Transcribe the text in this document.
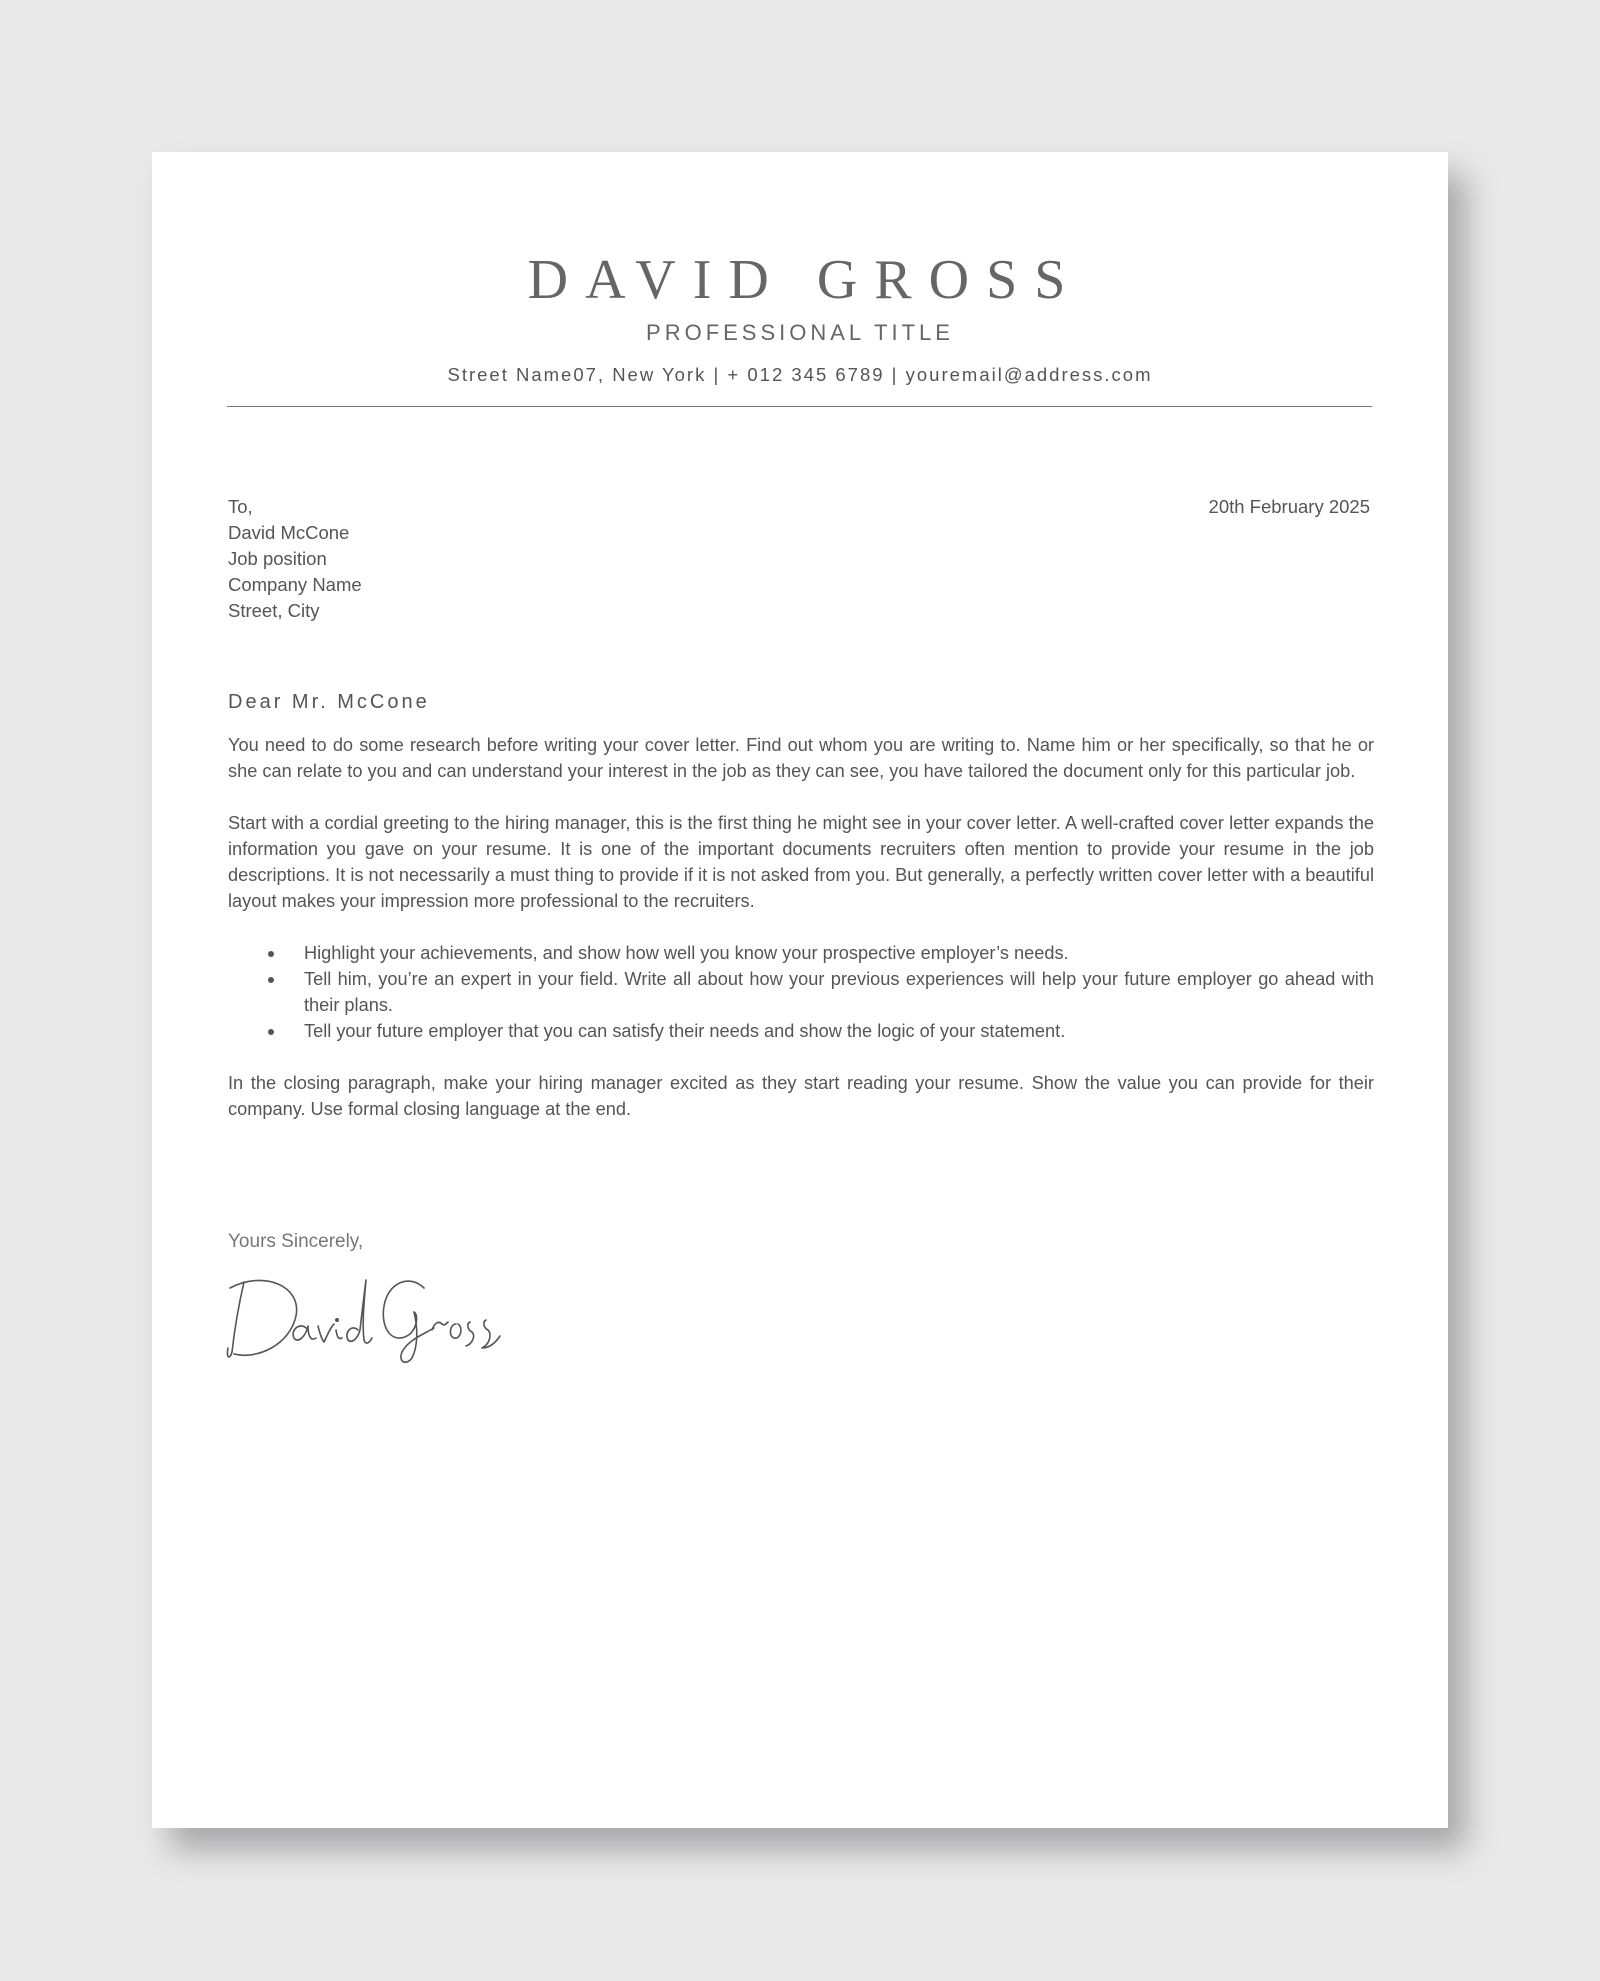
DAVID GROSS
PROFESSIONAL TITLE
Street Name07, New York | + 012 345 6789 | youremail@address.com
To,
David McCone
Job position
Company Name
Street, City
20th February 2025
Dear Mr. McCone

You need to do some research before writing your cover letter. Find out whom you are writing to. Name him or her specifically, so that he or she can relate to you and can understand your interest in the job as they can see, you have tailored the document only for this particular job.

Start with a cordial greeting to the hiring manager, this is the first thing he might see in your cover letter. A well-crafted cover letter expands the information you gave on your resume. It is one of the important documents recruiters often mention to provide your resume in the job descriptions. It is not necessarily a must thing to provide if it is not asked from you. But generally, a perfectly written cover letter with a beautiful layout makes your impression more professional to the recruiters.

Highlight your achievements, and show how well you know your prospective employer’s needs.
Tell him, you’re an expert in your field. Write all about how your previous experiences will help your future employer go ahead with their plans.
Tell your future employer that you can satisfy their needs and show the logic of your statement.

In the closing paragraph, make your hiring manager excited as they start reading your resume. Show the value you can provide for their company. Use formal closing language at the end.

Yours Sincerely,
